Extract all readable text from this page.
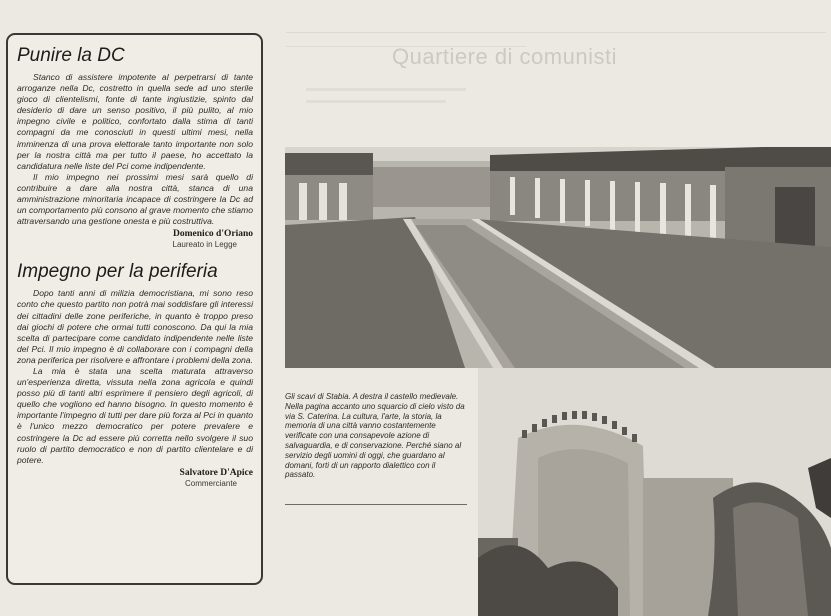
Punire la DC

Stanco di assistere impotente al perpetrarsi di tante arroganze nella Dc, costretto in quella sede ad uno sterile gioco di clientelismi, fonte di tante ingiustizie, spinto dal desiderio di dare un senso positivo, il più pulito, al mio impegno civile e politico, confortato dalla stima di tanti compagni da me conosciuti in questi ultimi mesi, nella imminenza di una prova elettorale tanto importante non solo per la nostra città ma per tutto il paese, ho accettato la candidatura nelle liste del Pci come indipendente.

Il mio impegno nei prossimi mesi sarà quello di contribuire a dare alla nostra città, stanca di una amministrazione minoritaria incapace di costringere la Dc ad un comportamento più consono al grave momento che stiamo attraversando una gestione onesta e più costruttiva.

Domenico d'Oriano
Laureato in Legge
Impegno per la periferia

Dopo tanti anni di milizia democristiana, mi sono reso conto che questo partito non potrà mai soddisfare gli interessi dei cittadini delle zone periferiche, in quanto è troppo preso dai giochi di potere che ormai tutti conoscono. Da qui la mia scelta di partecipare come candidato indipendente nelle liste del Pci. Il mio impegno è di collaborare con i compagni della zona periferica per risolvere e affrontare i problemi della zona.

La mia è stata una scelta maturata attraverso un'esperienza diretta, vissuta nella zona agricola e quindi posso più di tanti altri esprimere il pensiero degli agricoli, di quello che vogliono ed hanno bisogno. In questo momento è importante l'impegno di tutti per dare più forza al Pci in quanto è l'unico mezzo democratico per potere prevalere e costringere la Dc ad essere più corretta nello svolgere il suo ruolo di partito democratico e non di partito clientelare e di potere.

Salvatore D'Apice
Commerciante
Quartiere di comunisti
Gli scavi di Stabia. A destra il castello medievale. Nella pagina accanto uno squarcio di cielo visto da via S. Caterina. La cultura, l'arte, la storia, la memoria di una città vanno costantemente verificate con una consapevole azione di salvaguardia, e di conservazione. Perché siano al servizio degli uomini di oggi, che guardano al domani, forti di un rapporto dialettico con il passato.
